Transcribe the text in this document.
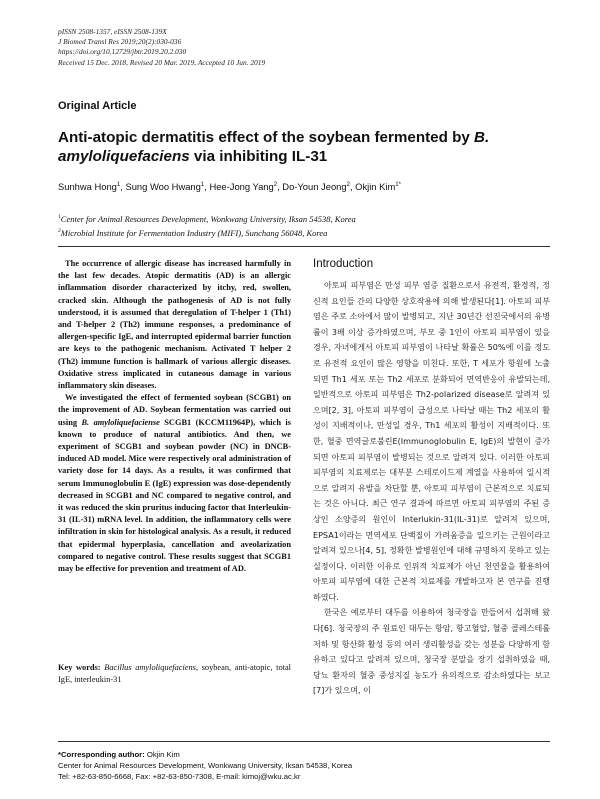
pISSN 2508-1357, eISSN 2508-139X
J Biomed Transl Res 2019;20(2):030-036
https://doi.org/10.12729/jbtr.2019.20.2.030
Received 15 Dec. 2018, Revised 20 Mar. 2019, Accepted 10 Jun. 2019
Original Article
Anti-atopic dermatitis effect of the soybean fermented by B. amyloliquefaciens via inhibiting IL-31
Sunhwa Hong$^1$, Sung Woo Hwang$^1$, Hee-Jong Yang$^2$, Do-Youn Jeong$^2$, Okjin Kim$^{1*}$
$^1$Center for Animal Resources Development, Wonkwang University, Iksan 54538, Korea
$^2$Microbial Institute for Fermentation Industry (MIFI), Sunchang 56048, Korea

The occurrence of allergic disease has increased harmfully in the last few decades. Atopic dermatitis (AD) is an allergic inflammation disorder characterized by itchy, red, swollen, cracked skin. Although the pathogenesis of AD is not fully understood, it is assumed that deregulation of T-helper 1 (Th1) and T-helper 2 (Th2) immune responses, a predominance of allergen-specific IgE, and interrupted epidermal barrier function are keys to the pathogenic mechanism. Activated T helper 2 (Th2) immune function is hallmark of various allergic diseases. Oxidative stress implicated in cutaneous damage in various inflammatory skin diseases.

We investigated the effect of fermented soybean (SCGB1) on the improvement of AD. Soybean fermentation was carried out using B. amyloliquefaciense SCGB1 (KCCM11964P), which is known to produce of natural antibiotics. And then, we experiment of SCGB1 and soybean powder (NC) in DNCB-induced AD model. Mice were respectively oral administration of variety dose for 14 days. As a results, it was confirmed that serum Immunoglobulin E (IgE) expression was dose-dependently decreased in SCGB1 and NC compared to negative control, and it was reduced the skin pruritus inducing factor that Interleukin-31 (IL-31) mRNA level. In addition, the inflammatory cells were infiltration in skin for histological analysis. As a result, it reduced that epidermal hyperplasia, cancellation and aveolarization compared to negative control. These results suggest that SCGB1 may be effective for prevention and treatment of AD.

Key words: Bacillus amyloliquefaciens, soybean, anti-atopic, total IgE, interleukin-31
Introduction

아토피 피부염은 만성 피부 염증 질환으로서 유전적, 환경적, 정신적 요인들 간의 다양한 상호작용에 의해 발생된다[1]. 아토피 피부염은 주로 소아에서 많이 발병되고, 지난 30년간 선진국에서의 유병률이 3배 이상 증가하였으며, 부모 중 1인이 아토피 피부염이 있을 경우, 자녀에게서 아토피 피부염이 나타날 확률은 50%에 이를 정도로 유전적 요인이 많은 영향을 미친다. 또한, T 세포가 항원에 노출되면 Th1 세포 또는 Th2 세포로 분화되어 면역반응이 유발되는데, 일반적으로 아토피 피부염은 Th2-polarized disease로 알려져 있으며[2, 3], 아토피 피부염이 급성으로 나타날 때는 Th2 세포의 활성이 지배적이나, 만성일 경우, Th1 세포의 활성이 지배적이다. 또한, 혈중 면역글로불린E(Immunoglobulin E, IgE)의 발현이 증가되면 아토피 피부염이 발병되는 것으로 알려져 있다. 이러한 아토피 피부염의 치료제로는 대부분 스테로이드제 계열을 사용하여 일시적으로 알려지 유발을 차단할 뿐, 아토피 피부염이 근본적으로 치료되는 것은 아니다. 최근 연구 결과에 따르면 아토피 피부염의 주된 증상인 소양증의 원인이 Interlukin-31(IL-31)로 알려져 있으며, EPSA1이라는 면역세포 단백질이 가려움증을 일으키는 근원이라고 알려져 있으나[4, 5], 정확한 발병원인에 대해 규명하지 못하고 있는 실정이다. 이러한 이유로 인위적 치료제가 아닌 천연물을 활용하여 아토피 피부염에 대한 근본적 치료제를 개발하고자 본 연구를 진행하였다.

한국은 예로부터 대두를 이용하여 청국장을 만들어서 섭취해 왔다[6]. 청국장의 주 원료인 대두는 항암, 항고혈압, 혈중 콜레스테롤 저하 및 항산화 활성 등의 여러 생리활성을 갖는 성분을 다양하게 함유하고 있다고 알려져 있으며, 청국장 분말을 장기 섭취하였을 때, 당뇨 환자의 혈중 중성지질 농도가 유의적으로 감소하였다는 보고[7]가 있으며, 이

*Corresponding author: Okjin Kim
Center for Animal Resources Development, Wonkwang University, Iksan 54538, Korea
Tel: +82-63-850-6668, Fax: +82-63-850-7308, E-mail: kimoj@wku.ac.kr
